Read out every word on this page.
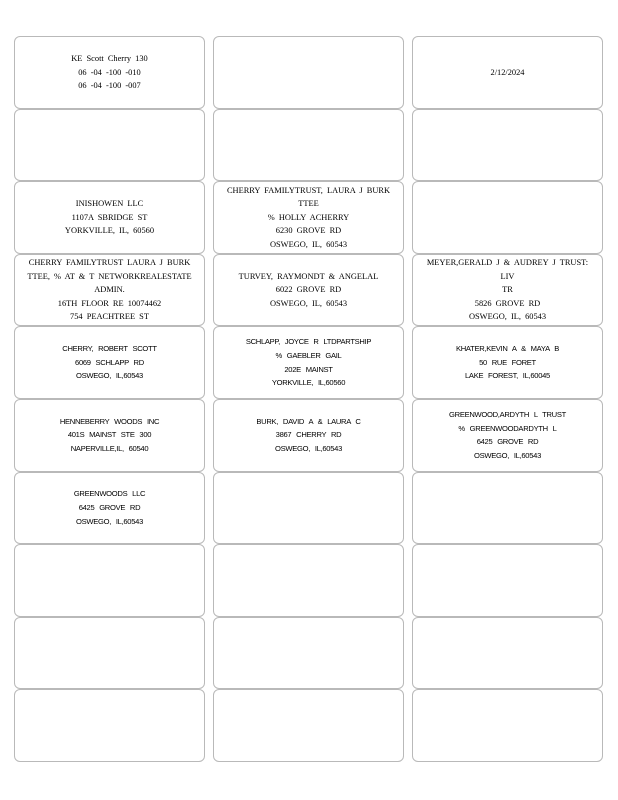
KE Scott Cherry 130
06 -04 -100 -010
06 -04 -100 -007
2/12/2024
INISHOWEN LLC
1107A SBRIDGE ST
YORKVILLE, IL, 60560
CHERRY FAMILYTRUST, LAURA J BURK
TTEE
% HOLLY ACHERRY
6230 GROVE RD
OSWEGO, IL, 60543
CHERRY FAMILYTRUST LAURA J BURK
TTEE, % AT & T NETWORKREALESTATE
ADMIN.
16TH FLOOR RE 10074462
754 PEACHTREE ST
TURVEY, RAYMONDT & ANGELAL
6022 GROVE RD
OSWEGO, IL, 60543
MEYER,GERALD J & AUDREY J TRUST: LIV
TR
5826 GROVE RD
OSWEGO, IL, 60543
CHERRY, ROBERT SCOTT
6069 SCHLAPP RD
OSWEGO, IL,60543
SCHLAPP, JOYCE R LTDPARTSHIP
% GAEBLER GAIL
202E MAINST
YORKVILLE, IL,60560
KHATER,KEVIN A & MAYA B
50 RUE FORET
LAKE FOREST, IL,60045
HENNEBERRY WOODS INC
401S MAINST STE 300
NAPERVILLE,IL, 60540
BURK, DAVID A & LAURA C
3867 CHERRY RD
OSWEGO, IL,60543
GREENWOOD,ARDYTH L TRUST
% GREENWOODARDYTH L
6425 GROVE RD
OSWEGO, IL,60543
GREENWOODS LLC
6425 GROVE RD
OSWEGO, IL,60543
